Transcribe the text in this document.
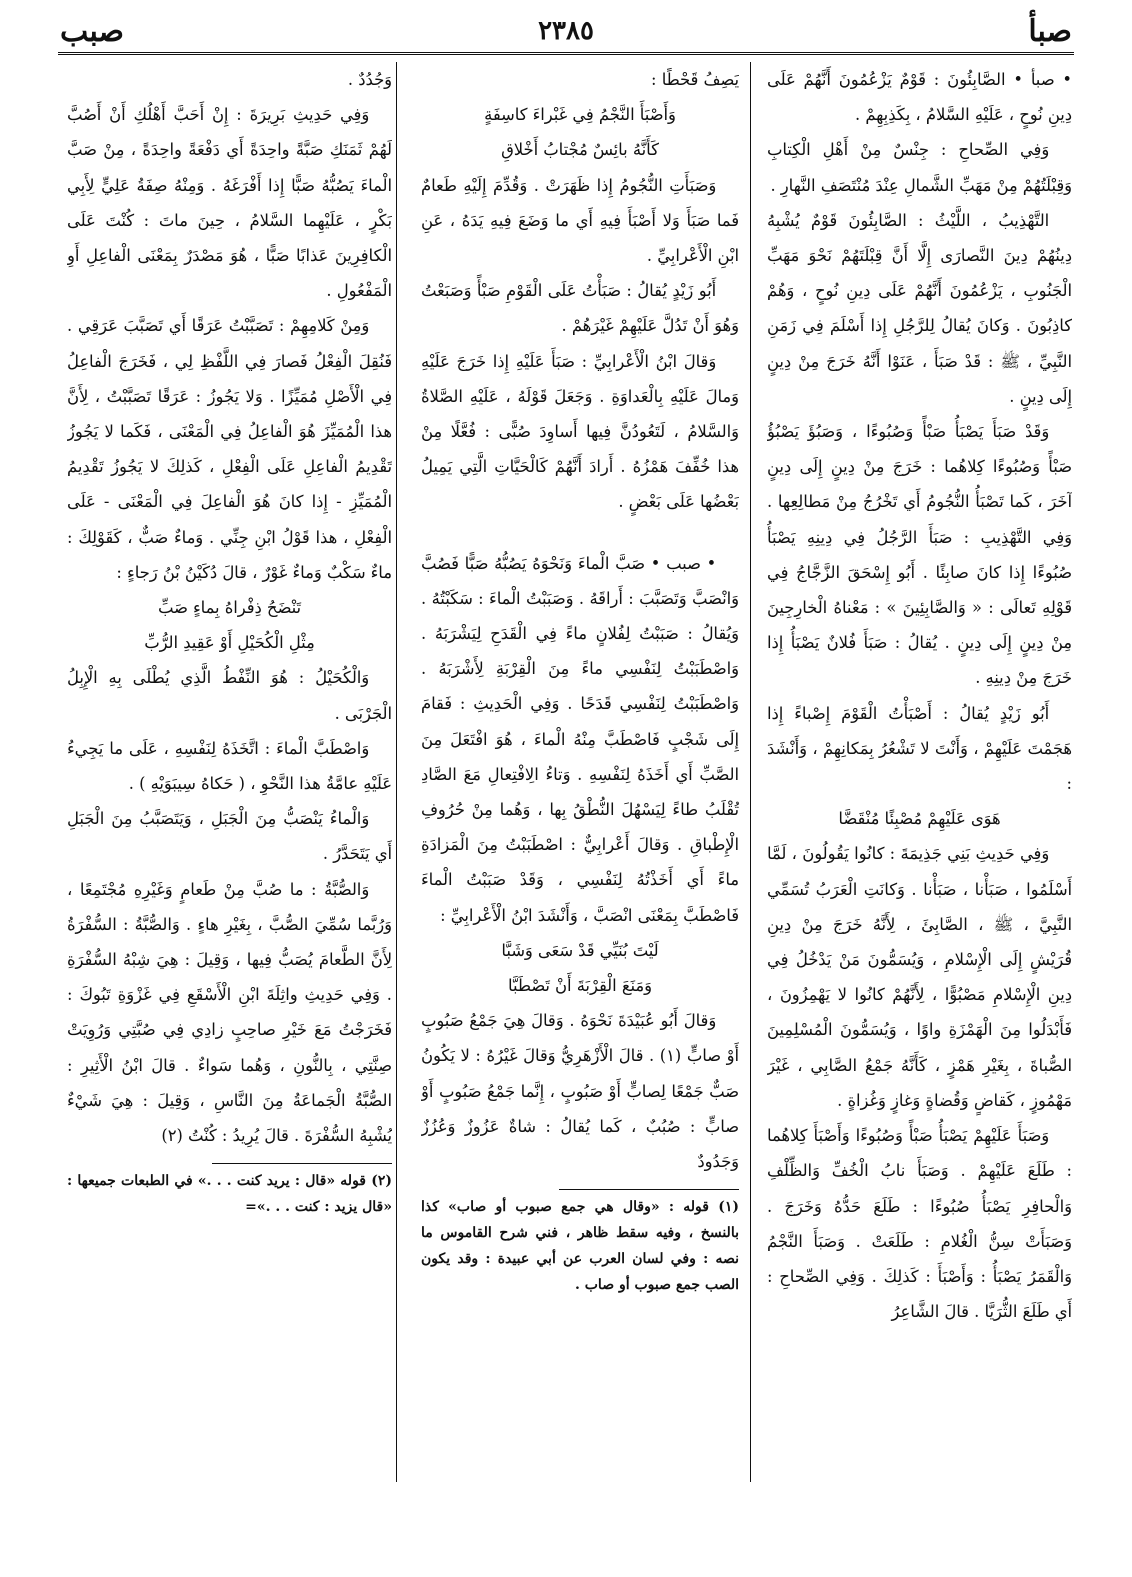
صبأ
٢٣٨٥
صبب

• صبأ • الصَّابِئُونَ : قَوْمٌ يَزْعُمُونَ أَنَّهُمْ عَلَى دِينِ نُوحٍ ، عَلَيْهِ السَّلامُ ، بِكَذِبِهِمْ .

وَفِي الصِّحاحِ : جِنْسٌ مِنْ أَهْلِ الْكِتابِ وَقِبْلَتُهُمْ مِنْ مَهَبِّ الشَّمالِ عِنْدَ مُنْتَصَفِ النَّهارِ .

التَّهْذِيبُ ، اللَّيْثُ : الصَّابِئُونَ قَوْمٌ يُشْبِهُ دِينُهُمْ دِينَ النَّصارَى إِلَّا أَنَّ قِبْلَتَهُمْ نَحْوَ مَهَبِّ الْجَنُوبِ ، يَزْعُمُونَ أَنَّهُمْ عَلَى دِينِ نُوحٍ ، وَهُمْ كاذِبُونَ . وَكانَ يُقالُ لِلرَّجُلِ إِذا أَسْلَمَ فِي زَمَنِ النَّبِيِّ ، ﷺ : قَدْ صَبَأَ ، عَنَوْا أَنَّهُ خَرَجَ مِنْ دِينٍ إِلَى دِينٍ .

وَقَدْ صَبَأَ يَصْبَأُ صَبْأً وَصُبُوءًا ، وَصَبُؤَ يَصْبُؤُ صَبْأً وَصُبُوءًا كِلاهُما : خَرَجَ مِنْ دِينٍ إِلَى دِينٍ آخَرَ ، كَما تَصْبَأُ النُّجُومُ أَي تَخْرُجُ مِنْ مَطالِعِها . وَفِي التَّهْذِيبِ : صَبَأَ الرَّجُلُ فِي دِينِهِ يَصْبَأُ صُبُوءًا إِذا كانَ صابِئًا . أَبُو إِسْحَقَ الزَّجَّاجُ فِي قَوْلِهِ تَعالَى : « وَالصَّابِئِينَ » : مَعْناهُ الْخارِجِينَ مِنْ دِينٍ إِلَى دِينٍ . يُقالُ : صَبَأَ فُلانٌ يَصْبَأُ إِذا خَرَجَ مِنْ دِينِهِ .

أَبُو زَيْدٍ يُقالُ : أَصْبَأْتُ الْقَوْمَ إِصْباءً إِذا هَجَمْتَ عَلَيْهِمْ ، وَأَنْتَ لا تَشْعُرُ بِمَكانِهِمْ ، وَأَنْشَدَ :

هَوَى عَلَيْهِمْ مُصْبِئًا مُنْقَضَّا

وَفِي حَدِيثِ بَنِي جَذِيمَةَ : كانُوا يَقُولُونَ ، لَمَّا أَسْلَمُوا ، صَبَأْنا ، صَبَأْنا . وَكانَتِ الْعَرَبُ تُسَمِّي النَّبِيَّ ، ﷺ ، الصَّابِئَ ، لِأَنَّهُ خَرَجَ مِنْ دِينِ قُرَيْشٍ إِلَى الْإِسْلامِ ، وَيُسَمُّونَ مَنْ يَدْخُلُ فِي دِينِ الْإِسْلامِ مَصْبُوًّا ، لِأَنَّهُمْ كانُوا لا يَهْمِزُونَ ، فَأَبْدَلُوا مِنَ الْهَمْزَةِ واوًا ، وَيُسَمُّونَ الْمُسْلِمِينَ الصُّباةَ ، بِغَيْرِ هَمْزٍ ، كَأَنَّهُ جَمْعُ الصَّابِي ، غَيْرَ مَهْمُوزٍ ، كَقاضٍ وَقُضاةٍ وَغازٍ وَغُزاةٍ .

وَصَبَأَ عَلَيْهِمْ يَصْبَأُ صَبْأً وَصُبُوءًا وَأَصْبَأَ كِلاهُما : طَلَعَ عَلَيْهِمْ . وَصَبَأَ نابُ الْخُفِّ وَالظِّلْفِ وَالْحافِرِ يَصْبَأُ صُبُوءًا : طَلَعَ حَدُّهُ وَخَرَجَ . وَصَبَأَتْ سِنُّ الْغُلامِ : طَلَعَتْ . وَصَبَأَ النَّجْمُ وَالْقَمَرُ يَصْبَأُ : وَأَصْبَأَ : كَذلِكَ . وَفِي الصِّحاحِ : أَي طَلَعَ الثُّرَيَّا . قالَ الشَّاعِرُ

يَصِفُ قَحْطًا :

وَأَصْبَأَ النَّجْمُ فِي غَبْراءَ كاسِفَةٍ

كَأَنَّهُ بائِسٌ مُجْتابُ أَخْلاقِ

وَصَبَأَتِ النُّجُومُ إِذا ظَهَرَتْ . وَقُدِّمَ إِلَيْهِ طَعامٌ فَما صَبَأَ وَلا أَصْبَأَ فِيهِ أَي ما وَضَعَ فِيهِ يَدَهُ ، عَنِ ابْنِ الْأَعْرابِيِّ .

أَبُو زَيْدٍ يُقالُ : صَبَأْتُ عَلَى الْقَوْمِ صَبْأً وَصَبَعْتُ وَهُوَ أَنْ تَدُلَّ عَلَيْهِمْ غَيْرَهُمْ .

وَقالَ ابْنُ الْأَعْرابِيِّ : صَبَأَ عَلَيْهِ إِذا خَرَجَ عَلَيْهِ وَمالَ عَلَيْهِ بِالْعَداوَةِ . وَجَعَلَ قَوْلَهُ ، عَلَيْهِ الصَّلاةُ وَالسَّلامُ ، لَتَعُودُنَّ فِيها أَساوِدَ صُبًّى : فُعَّلًا مِنْ هذا خُفِّفَ هَمْزُهُ . أَرادَ أَنَّهُمْ كَالْحَيَّاتِ الَّتِي يَمِيلُ بَعْضُها عَلَى بَعْضٍ .

• صبب • صَبَّ الْماءَ وَنَحْوَهُ يَصُبُّهُ صَبًّا فَصُبَّ وَانْصَبَّ وَتَصَبَّبَ : أَراقَهُ . وَصَبَبْتُ الْماءَ : سَكَبْتُهُ . وَيُقالُ : صَبَبْتُ لِفُلانٍ ماءً فِي الْقَدَحِ لِيَشْرَبَهُ . وَاصْطَبَبْتُ لِنَفْسِي ماءً مِنَ الْقِرْبَةِ لِأَشْرَبَهُ . وَاصْطَبَبْتُ لِنَفْسِي قَدَحًا . وَفِي الْحَدِيثِ : فَقامَ إِلَى شَجْبٍ فَاصْطَبَّ مِنْهُ الْماءَ ، هُوَ افْتَعَلَ مِنَ الصَّبِّ أَي أَخَذَهُ لِنَفْسِهِ . وَتاءُ الِافْتِعالِ مَعَ الصَّادِ تُقْلَبُ طاءً لِيَسْهُلَ النُّطْقُ بِها ، وَهُما مِنْ حُرُوفِ الْإِطْباقِ . وَقالَ أَعْرابِيٌّ : اصْطَبَبْتُ مِنَ الْمَزادَةِ ماءً أَي أَخَذْتُهُ لِنَفْسِي ، وَقَدْ صَبَبْتُ الْماءَ فَاصْطَبَّ بِمَعْنَى انْصَبَّ ، وَأَنْشَدَ ابْنُ الْأَعْرابِيِّ :

لَيْتَ بُنَيِّي قَدْ سَعَى وَشَبَّا

وَمَنَعَ الْقِرْبَةَ أَنْ تَصْطَبَّا

وَقالَ أَبُو عُبَيْدَةَ نَحْوَهُ . وَقالَ هِيَ جَمْعُ صَبُوبٍ أَوْ صابٍّ (١) . قالَ الْأَزْهَرِيُّ وَقالَ غَيْرُهُ : لا يَكُونُ صَبٌّ جَمْعًا لِصابٍّ أَوْ صَبُوبٍ ، إِنَّما جَمْعُ صَبُوبٍ أَوْ صابٍّ : صُبُبٌ ، كَما يُقالُ : شاةٌ عَزُوزٌ وَعُزُزٌ وَجَدُودٌ

(١) قوله : «وقال هي جمع صبوب أو صاب» كذا بالنسخ ، وفيه سقط ظاهر ، فني شرح القاموس ما نصه : وفي لسان العرب عن أبي عبيدة : وقد يكون الصب جمع صبوب أو صاب .

وَجُدُدٌ .

وَفِي حَدِيثِ بَرِيرَةَ : إِنْ أَحَبَّ أَهْلُكِ أَنْ أَصُبَّ لَهُمْ ثَمَنَكِ صَبَّةً واحِدَةً أَي دَفْعَةً واحِدَةً ، مِنْ صَبَّ الْماءَ يَصُبُّهُ صَبًّا إِذا أَفْرَغَهُ . وَمِنْهُ صِفَةُ عَلِيٍّ لِأَبِي بَكْرٍ ، عَلَيْهِما السَّلامُ ، حِينَ ماتَ : كُنْتَ عَلَى الْكافِرِينَ عَذابًا صَبًّا ، هُوَ مَصْدَرٌ بِمَعْنَى الْفاعِلِ أَوِ الْمَفْعُولِ .

وَمِنْ كَلامِهِمْ : تَصَبَّبْتُ عَرَقًا أَي تَصَبَّبَ عَرَقِي . فَنُقِلَ الْفِعْلُ فَصارَ فِي اللَّفْظِ لِي ، فَخَرَجَ الْفاعِلُ فِي الْأَصْلِ مُمَيِّزًا . وَلا يَجُوزُ : عَرَقًا تَصَبَّبْتُ ، لِأَنَّ هذا الْمُمَيِّزَ هُوَ الْفاعِلُ فِي الْمَعْنَى ، فَكَما لا يَجُوزُ تَقْدِيمُ الْفاعِلِ عَلَى الْفِعْلِ ، كَذلِكَ لا يَجُوزُ تَقْدِيمُ الْمُمَيِّزِ - إِذا كانَ هُوَ الْفاعِلَ فِي الْمَعْنَى - عَلَى الْفِعْلِ ، هذا قَوْلُ ابْنِ جِنِّي . وَماءٌ صَبٌّ ، كَقَوْلِكَ : ماءٌ سَكْبٌ وَماءٌ غَوْرٌ ، قالَ دُكَيْنُ بْنُ رَجاءٍ :

تَنْضَحُ ذِفْراهُ بِماءٍ صَبِّ

مِثْلِ الْكُحَيْلِ أَوْ عَقِيدِ الرُّبِّ

وَالْكُحَيْلُ : هُوَ النِّفْطُ الَّذِي يُطْلَى بِهِ الْإِبِلُ الْجَرْبَى .

وَاصْطَبَّ الْماءَ : اتَّخَذَهُ لِنَفْسِهِ ، عَلَى ما يَجِيءُ عَلَيْهِ عامَّةُ هذا النَّحْوِ ، ( حَكاهُ سِيبَوَيْهِ ) .

وَالْماءُ يَنْصَبُّ مِنَ الْجَبَلِ ، وَيَتَصَبَّبُ مِنَ الْجَبَلِ أَي يَتَحَدَّرُ .

وَالصُّبَّةُ : ما صُبَّ مِنْ طَعامٍ وَغَيْرِهِ مُجْتَمِعًا ، وَرُبَّما سُمِّيَ الصُّبَّ ، بِغَيْرِ هاءٍ . وَالصُّبَّةُ : السُّفْرَةُ لِأَنَّ الطَّعامَ يُصَبُّ فِيها ، وَقِيلَ : هِيَ شِبْهُ السُّفْرَةِ . وَفِي حَدِيثِ واثِلَةَ ابْنِ الْأَسْقَعِ فِي غَزْوَةِ تَبُوكَ : فَخَرَجْتُ مَعَ خَيْرِ صاحِبٍ زادِي فِي صُبَّتِي وَرُوِيَتْ صِنَّتِي ، بِالنُّونِ ، وَهُما سَواءٌ . قالَ ابْنُ الْأَثِيرِ : الصُّبَّةُ الْجَماعَةُ مِنَ النَّاسِ ، وَقِيلَ : هِيَ شَيْءٌ يُشْبِهُ السُّفْرَةَ . قالَ يُرِيدُ : كُنْتُ (٢)

(٢) قوله «قال : يريد كنت . . .» في الطبعات جميعها : «قال يزيد : كنت . . .»=
